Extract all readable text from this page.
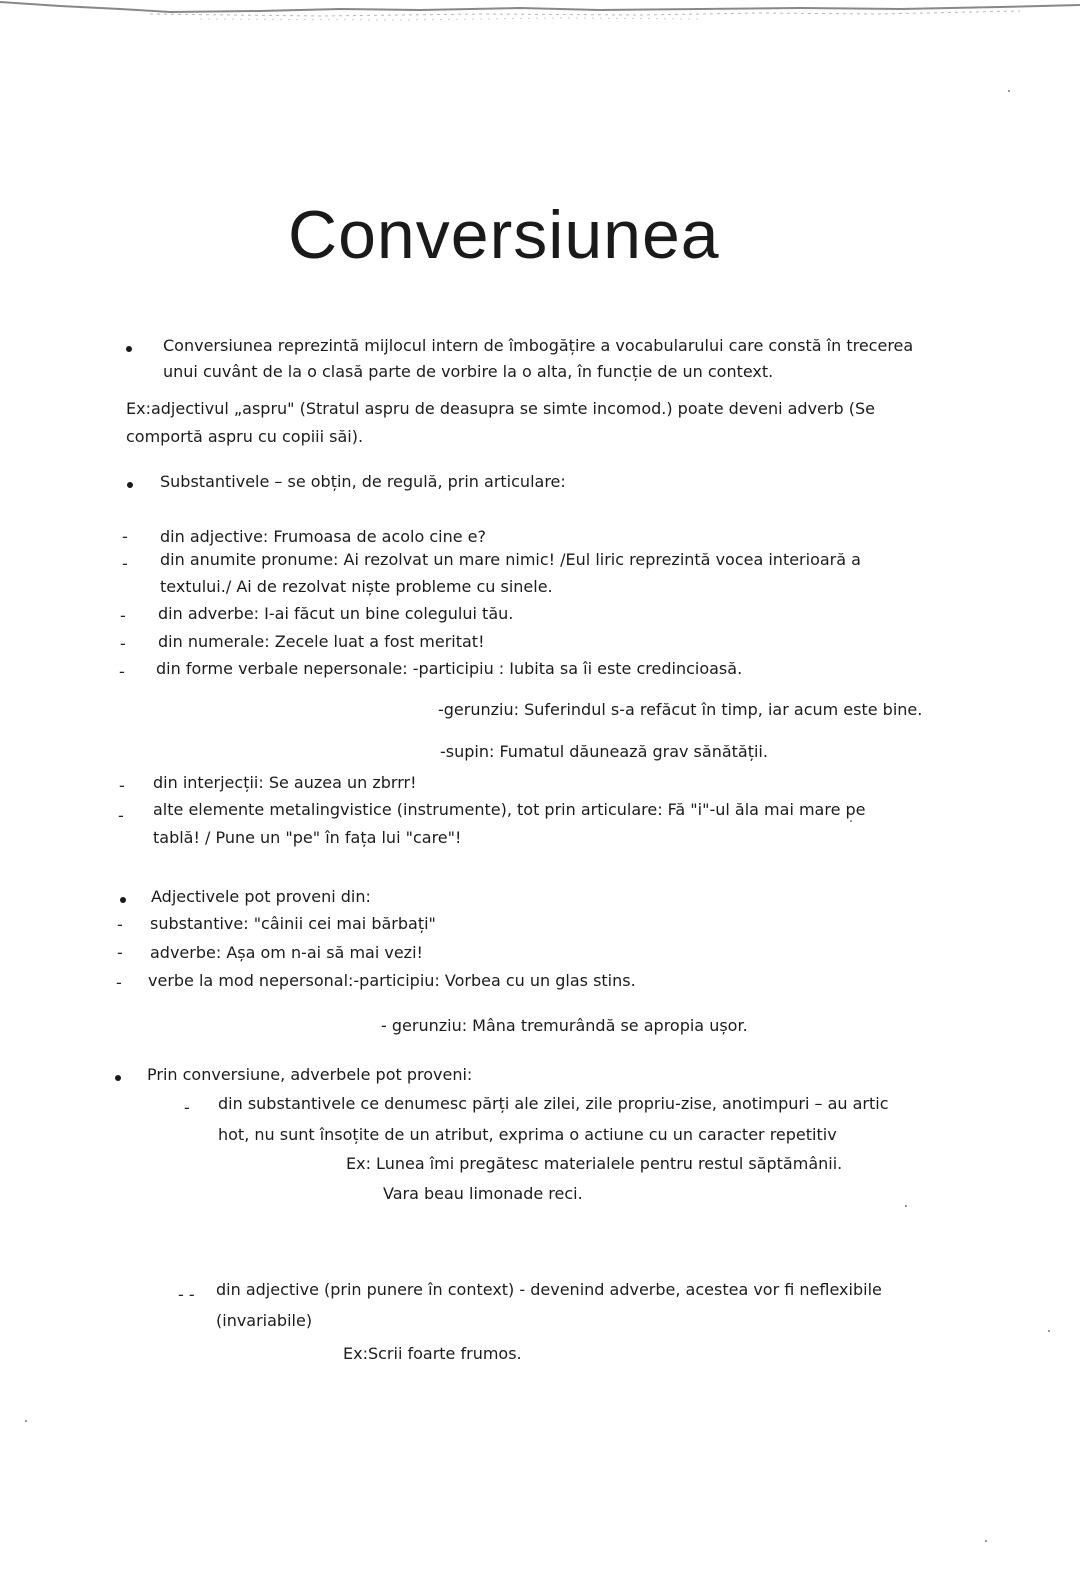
Conversiunea
Conversiunea reprezintă mijlocul intern de îmbogățire a vocabularului care constă în trecerea
unui cuvânt de la o clasă parte de vorbire la o alta, în funcție de un context.
Ex:adjectivul „aspru" (Stratul aspru de deasupra se simte incomod.) poate deveni adverb (Se
comportă aspru cu copiii săi).
Substantivele – se obțin, de regulă, prin articulare:
- din adjective: Frumoasa de acolo cine e?
- din anumite pronume: Ai rezolvat un mare nimic! /Eul liric reprezintă vocea interioară a
textului./ Ai de rezolvat niște probleme cu sinele.
- din adverbe: I-ai făcut un bine colegului tău.
- din numerale: Zecele luat a fost meritat!
- din forme verbale nepersonale: -participiu : Iubita sa îi este credincioasă.
-gerunziu: Suferindul s-a refăcut în timp, iar acum este bine.
-supin: Fumatul dăunează grav sănătății.
- din interjecții: Se auzea un zbrrr!
- alte elemente metalingvistice (instrumente), tot prin articulare: Fă "i"-ul ăla mai mare pe
tablă! / Pune un "pe" în fața lui "care"!
Adjectivele pot proveni din:
- substantive: "câinii cei mai bărbați"
- adverbe: Așa om n-ai să mai vezi!
- verbe la mod nepersonal:-participiu: Vorbea cu un glas stins.
- gerunziu: Mâna tremurândă se apropia ușor.
Prin conversiune, adverbele pot proveni:
- din substantivele ce denumesc părți ale zilei, zile propriu-zise, anotimpuri – au artic
hot, nu sunt însoțite de un atribut, exprima o actiune cu un caracter repetitiv
Ex: Lunea îmi pregătesc materialele pentru restul săptămânii.
Vara beau limonade reci.
- - din adjective (prin punere în context) - devenind adverbe, acestea vor fi neflexibile
(invariabile)
Ex:Scrii foarte frumos.
